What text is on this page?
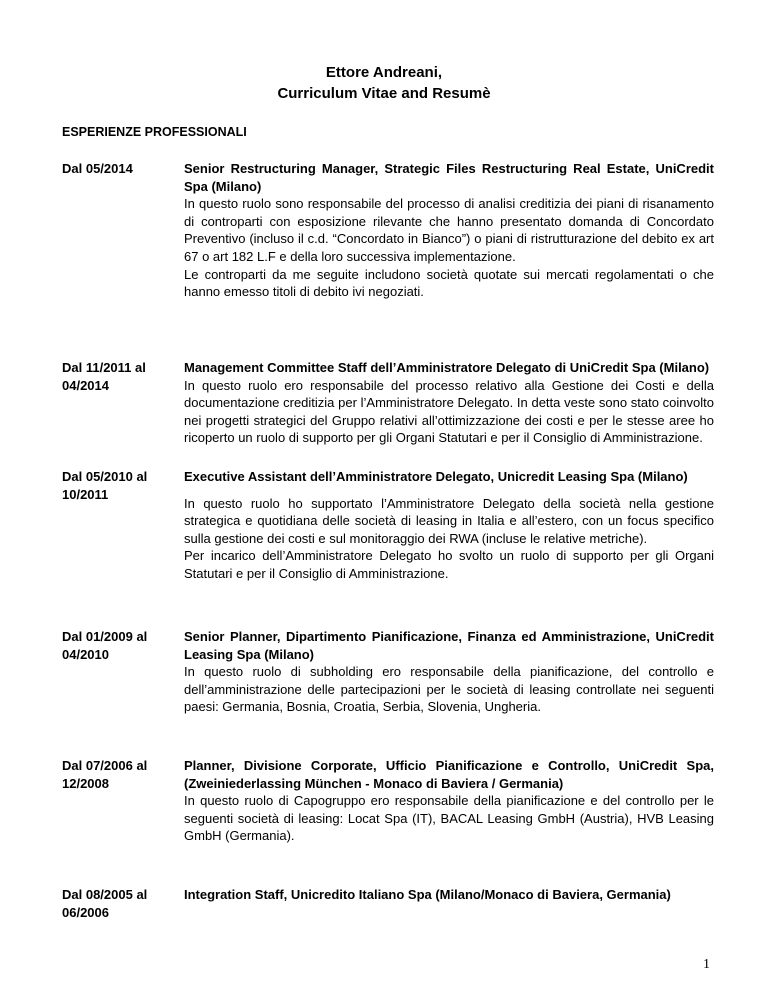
Ettore Andreani,
Curriculum Vitae and Resumè
ESPERIENZE PROFESSIONALI
Dal 05/2014	Senior Restructuring Manager, Strategic Files Restructuring Real Estate, UniCredit Spa (Milano)
In questo ruolo sono responsabile del processo di analisi creditizia dei piani di risanamento di controparti con esposizione rilevante che hanno presentato domanda di Concordato Preventivo (incluso il c.d. “Concordato in Bianco”) o piani di ristrutturazione del debito ex art 67 o art 182 L.F e della loro successiva implementazione.
Le controparti da me seguite includono società quotate sui mercati regolamentati o che hanno emesso titoli di debito ivi negoziati.
Dal 11/2011 al 04/2014
Management Committee Staff dell’Amministratore Delegato di UniCredit Spa (Milano)
In questo ruolo ero responsabile del processo relativo alla Gestione dei Costi e della documentazione creditizia per l’Amministratore Delegato. In detta veste sono stato coinvolto nei progetti strategici del Gruppo relativi all’ottimizzazione dei costi e per le stesse aree ho ricoperto un ruolo di supporto per gli Organi Statutari e per il Consiglio di Amministrazione.
Dal 05/2010 al 10/2011
Executive Assistant dell’Amministratore Delegato, Unicredit Leasing Spa (Milano)
In questo ruolo ho supportato l’Amministratore Delegato della società nella gestione strategica e quotidiana delle società di leasing in Italia e all’estero, con un focus specifico sulla gestione dei costi e sul monitoraggio dei RWA (incluse le relative metriche).
Per incarico dell’Amministratore Delegato ho svolto un ruolo di supporto per gli Organi Statutari e per il Consiglio di Amministrazione.
Dal 01/2009 al 04/2010
Senior Planner, Dipartimento Pianificazione, Finanza ed Amministrazione, UniCredit Leasing Spa (Milano)
In questo ruolo di subholding ero responsabile della pianificazione, del controllo e dell’amministrazione delle partecipazioni per le società di leasing controllate nei seguenti paesi: Germania, Bosnia, Croatia, Serbia, Slovenia, Ungheria.
Dal 07/2006 al 12/2008
Planner, Divisione Corporate, Ufficio Pianificazione e Controllo, UniCredit Spa, (Zweiniederlassing München - Monaco di Baviera / Germania)
In questo ruolo di Capogruppo ero responsabile della pianificazione e del controllo per le seguenti società di leasing: Locat Spa (IT), BACAL Leasing GmbH (Austria), HVB Leasing GmbH (Germania).
Dal 08/2005 al 06/2006
Integration Staff, Unicredito Italiano Spa (Milano/Monaco di Baviera, Germania)
1
